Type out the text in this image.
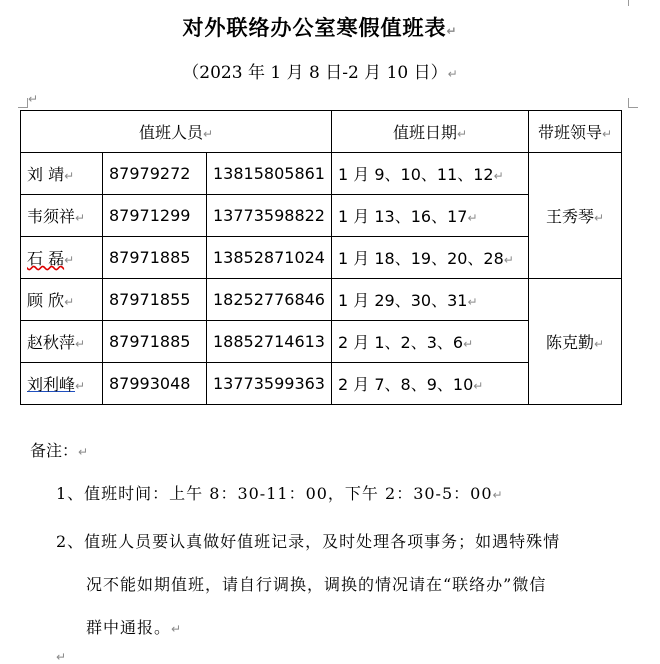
对外联络办公室寒假值班表↵
（2023 年 1 月 8 日-2 月 10 日）↵
↵
值班人员↵			值班日期↵	带班领导↵
刘 靖↵	87979272	13815805861	1 月 9、10、11、12↵	王秀琴↵
韦须祥↵	87971299	13773598822	1 月 13、16、17↵	
石 磊↵	87971885	13852871024	1 月 18、19、20、28↵	
顾 欣↵	87971855	18252776846	1 月 29、30、31↵	陈克勤↵
赵秋萍↵	87971885	18852714613	2 月 1、2、3、6↵	
刘利峰↵	87993048	13773599363	2 月 7、8、9、10↵	
备注：↵
1、值班时间：上午 8：30-11：00，下午 2：30-5：00↵
2、值班人员要认真做好值班记录，及时处理各项事务；如遇特殊情
况不能如期值班，请自行调换，调换的情况请在“联络办”微信
群中通报。↵
↵
